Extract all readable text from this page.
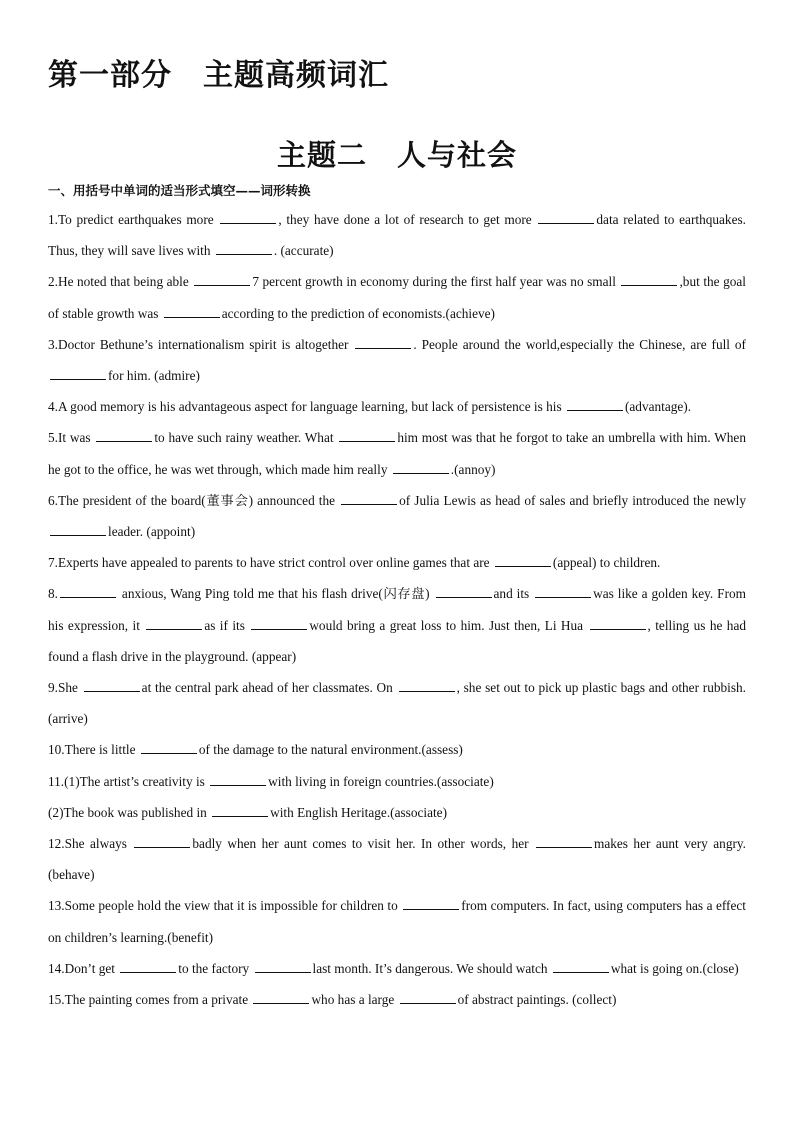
第一部分　主题高频词汇
主题二　人与社会
一、用括号中单词的适当形式填空——词形转换

1.To predict earthquakes more	, they have done a lot of research to get more	data related to earthquakes. Thus, they will save lives with	. (accurate)

2.He noted that being able	7 percent growth in economy during the first half year was no small	,but the goal of stable growth was	according to the prediction of economists.(achieve)

3.Doctor Bethune’s internationalism spirit is altogether	. People around the world,especially the Chinese, are full of for him. (admire)

4.A good memory is his advantageous aspect for language learning, but lack of persistence is his	(advantage).

5.It was	to have such rainy weather. What	him most was that he forgot to take an umbrella with him. When he got to the office, he was wet through, which made him really	.(annoy)

6.The president of the board(董事会) announced the	of Julia Lewis as head of sales and briefly introduced the newly leader. (appoint)

7.Experts have appealed to parents to have strict control over online games that are	(appeal) to children.

8.	anxious, Wang Ping told me that his flash drive(闪存盘)	and its	was like a golden key. From his expression, it	as if its	would bring a great loss to him. Just then, Li Hua	, telling us he had found a flash drive in the playground. (appear)

9.She	at the central park ahead of her classmates. On	, she set out to pick up plastic bags and other rubbish.(arrive)

10.There is little	of the damage to the natural environment.(assess)

11.(1)The artist’s creativity is	with living in foreign countries.(associate)

(2)The book was published in	with English Heritage.(associate)

12.She always	badly when her aunt comes to visit her. In other words, her	makes her aunt very angry.(behave)

13.Some people hold the view that it is impossible for children to	from computers. In fact, using computers has a effect on children’s learning.(benefit)

14.Don’t get	to the factory	last month. It’s dangerous. We should watch	what is going on.(close)

15.The painting comes from a private	who has a large	of abstract paintings. (collect)
